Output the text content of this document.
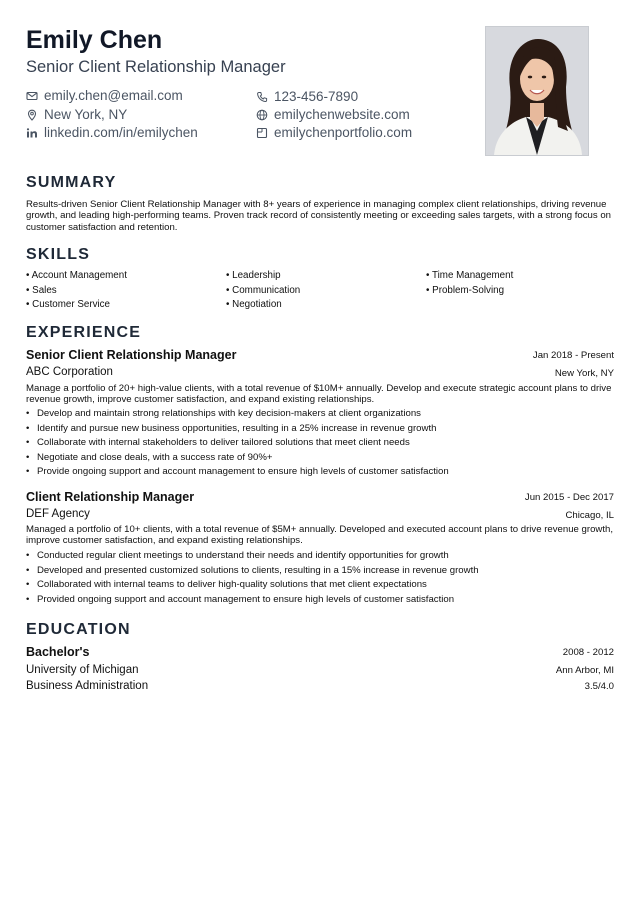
Emily Chen
Senior Client Relationship Manager
emily.chen@email.com	123-456-7890
New York, NY	emilychenwebsite.com
linkedin.com/in/emilychen	emilychenportfolio.com
SUMMARY
Results-driven Senior Client Relationship Manager with 8+ years of experience in managing complex client relationships, driving revenue growth, and leading high-performing teams. Proven track record of consistently meeting or exceeding sales targets, with a strong focus on customer satisfaction and retention.
SKILLS
• Account Management	• Leadership	• Time Management
• Sales	• Communication	• Problem-Solving
• Customer Service	• Negotiation
EXPERIENCE
Senior Client Relationship Manager	Jan 2018 - Present
ABC Corporation	New York, NY
Manage a portfolio of 20+ high-value clients, with a total revenue of $10M+ annually. Develop and execute strategic account plans to drive revenue growth, improve customer satisfaction, and expand existing relationships.
• Develop and maintain strong relationships with key decision-makers at client organizations
• Identify and pursue new business opportunities, resulting in a 25% increase in revenue growth
• Collaborate with internal stakeholders to deliver tailored solutions that meet client needs
• Negotiate and close deals, with a success rate of 90%+
• Provide ongoing support and account management to ensure high levels of customer satisfaction
Client Relationship Manager	Jun 2015 - Dec 2017
DEF Agency	Chicago, IL
Managed a portfolio of 10+ clients, with a total revenue of $5M+ annually. Developed and executed account plans to drive revenue growth, improve customer satisfaction, and expand existing relationships.
• Conducted regular client meetings to understand their needs and identify opportunities for growth
• Developed and presented customized solutions to clients, resulting in a 15% increase in revenue growth
• Collaborated with internal teams to deliver high-quality solutions that met client expectations
• Provided ongoing support and account management to ensure high levels of customer satisfaction
EDUCATION
Bachelor's	2008 - 2012
University of Michigan	Ann Arbor, MI
Business Administration	3.5/4.0
